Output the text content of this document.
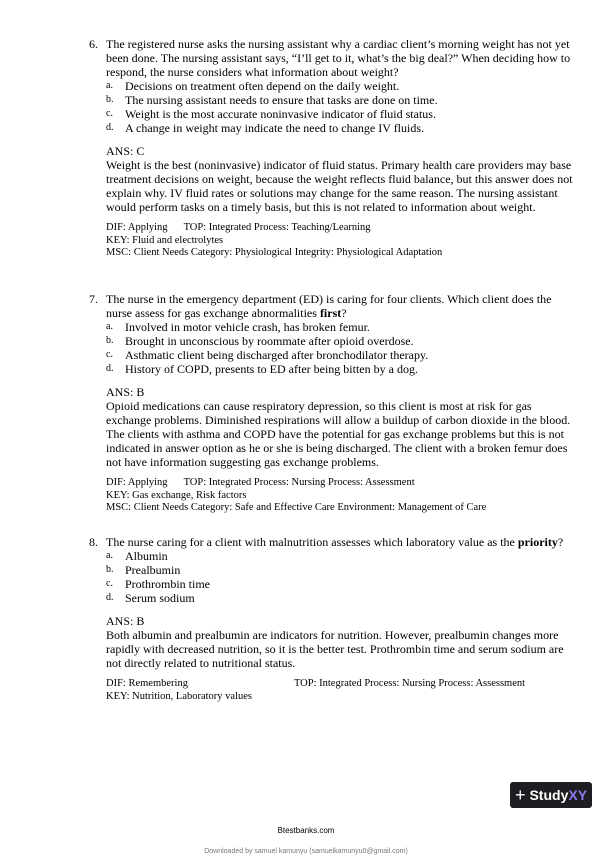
6. The registered nurse asks the nursing assistant why a cardiac client’s morning weight has not yet been done. The nursing assistant says, “I’ll get to it, what’s the big deal?” When deciding how to respond, the nurse considers what information about weight?
a. Decisions on treatment often depend on the daily weight.
b. The nursing assistant needs to ensure that tasks are done on time.
c. Weight is the most accurate noninvasive indicator of fluid status.
d. A change in weight may indicate the need to change IV fluids.
ANS: C
Weight is the best (noninvasive) indicator of fluid status. Primary health care providers may base treatment decisions on weight, because the weight reflects fluid balance, but this answer does not explain why. IV fluid rates or solutions may change for the same reason. The nursing assistant would perform tasks on a timely basis, but this is not related to information about weight.
DIF: Applying TOP: Integrated Process: Teaching/Learning
KEY: Fluid and electrolytes
MSC: Client Needs Category: Physiological Integrity: Physiological Adaptation
7. The nurse in the emergency department (ED) is caring for four clients. Which client does the nurse assess for gas exchange abnormalities first?
a. Involved in motor vehicle crash, has broken femur.
b. Brought in unconscious by roommate after opioid overdose.
c. Asthmatic client being discharged after bronchodilator therapy.
d. History of COPD, presents to ED after being bitten by a dog.
ANS: B
Opioid medications can cause respiratory depression, so this client is most at risk for gas exchange problems. Diminished respirations will allow a buildup of carbon dioxide in the blood. The clients with asthma and COPD have the potential for gas exchange problems but this is not indicated in answer option as he or she is being discharged. The client with a broken femur does not have information suggesting gas exchange problems.
DIF: Applying TOP: Integrated Process: Nursing Process: Assessment
KEY: Gas exchange, Risk factors
MSC: Client Needs Category: Safe and Effective Care Environment: Management of Care
8. The nurse caring for a client with malnutrition assesses which laboratory value as the priority?
a. Albumin
b. Prealbumin
c. Prothrombin time
d. Serum sodium
ANS: B
Both albumin and prealbumin are indicators for nutrition. However, prealbumin changes more rapidly with decreased nutrition, so it is the better test. Prothrombin time and serum sodium are not directly related to nutritional status.
DIF: Remembering	TOP: Integrated Process: Nursing Process: Assessment
KEY: Nutrition, Laboratory values
+ Study XY
Btestbanks.com
Downloaded by samuel kamunyu (samuelkamunyu0@gmail.com)
